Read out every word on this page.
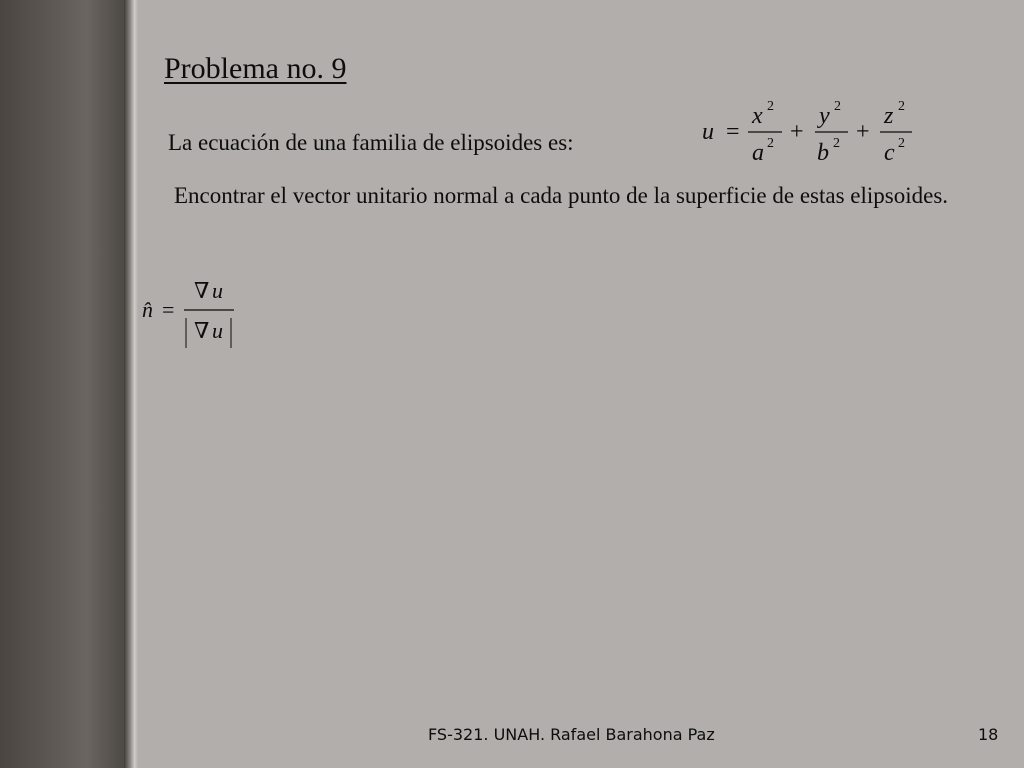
Problema no. 9
La ecuación de una familia de elipsoides es:	u =
x 2
a 2 +
y 2
b 2 +
z 2
c 2
Encontrar el vector unitario normal a cada punto de la superficie de estas elipsoides.
n̂ =
∇ u
∇ u
FS-321. UNAH. Rafael Barahona Paz	18
